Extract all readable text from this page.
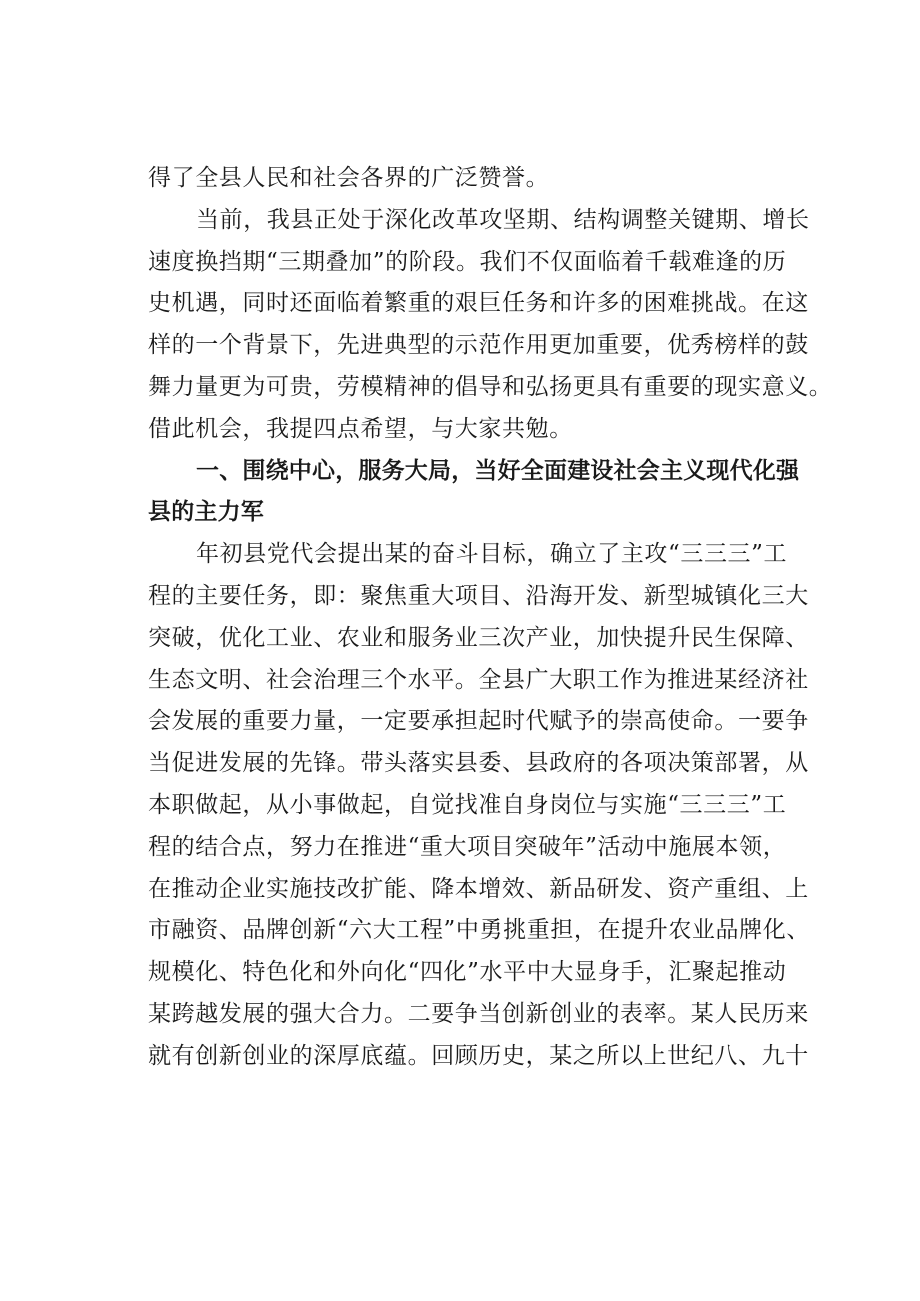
得了全县人民和社会各界的广泛赞誉。
当前，我县正处于深化改革攻坚期、结构调整关键期、增长
速度换挡期“三期叠加”的阶段。我们不仅面临着千载难逢的历
史机遇，同时还面临着繁重的艰巨任务和许多的困难挑战。在这
样的一个背景下，先进典型的示范作用更加重要，优秀榜样的鼓
舞力量更为可贵，劳模精神的倡导和弘扬更具有重要的现实意义。
借此机会，我提四点希望，与大家共勉。
一、围绕中心，服务大局，当好全面建设社会主义现代化强
县的主力军
年初县党代会提出某的奋斗目标，确立了主攻“三三三”工
程的主要任务，即：聚焦重大项目、沿海开发、新型城镇化三大
突破，优化工业、农业和服务业三次产业，加快提升民生保障、
生态文明、社会治理三个水平。全县广大职工作为推进某经济社
会发展的重要力量，一定要承担起时代赋予的崇高使命。一要争
当促进发展的先锋。带头落实县委、县政府的各项决策部署，从
本职做起，从小事做起，自觉找准自身岗位与实施“三三三”工
程的结合点，努力在推进“重大项目突破年”活动中施展本领，
在推动企业实施技改扩能、降本增效、新品研发、资产重组、上
市融资、品牌创新“六大工程”中勇挑重担，在提升农业品牌化、
规模化、特色化和外向化“四化”水平中大显身手，汇聚起推动
某跨越发展的强大合力。二要争当创新创业的表率。某人民历来
就有创新创业的深厚底蕴。回顾历史，某之所以上世纪八、九十
